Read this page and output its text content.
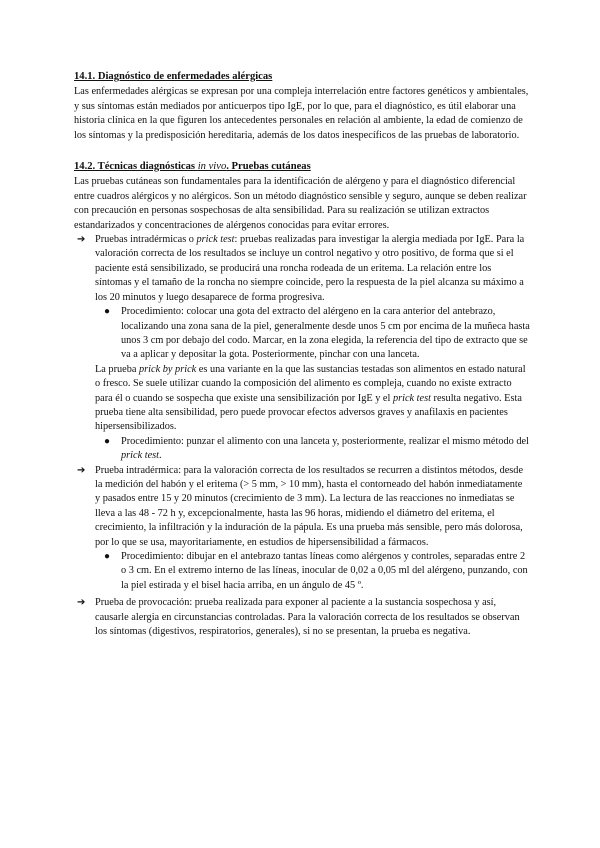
14.1. Diagnóstico de enfermedades alérgicas

Las enfermedades alérgicas se expresan por una compleja interrelación entre factores genéticos y ambientales, y sus síntomas están mediados por anticuerpos tipo IgE, por lo que, para el diagnóstico, es útil elaborar una historia clínica en la que figuren los antecedentes personales en relación al ambiente, la edad de comienzo de los síntomas y la predisposición hereditaria, además de los datos inespecíficos de las pruebas de laboratorio.

14.2. Técnicas diagnósticas in vivo. Pruebas cutáneas

Las pruebas cutáneas son fundamentales para la identificación de alérgeno y para el diagnóstico diferencial entre cuadros alérgicos y no alérgicos. Son un método diagnóstico sensible y seguro, aunque se deben realizar con precaución en personas sospechosas de alta sensibilidad. Para su realización se utilizan extractos estandarizados y concentraciones de alérgenos conocidas para evitar errores.

➔ Pruebas intradérmicas o prick test: pruebas realizadas para investigar la alergia mediada por IgE. Para la valoración correcta de los resultados se incluye un control negativo y otro positivo, de forma que si el paciente está sensibilizado, se producirá una roncha rodeada de un eritema. La relación entre los síntomas y el tamaño de la roncha no siempre coincide, pero la respuesta de la piel alcanza su máximo a los 20 minutos y luego desaparece de forma progresiva.
● Procedimiento: colocar una gota del extracto del alérgeno en la cara anterior del antebrazo, localizando una zona sana de la piel, generalmente desde unos 5 cm por encima de la muñeca hasta unos 3 cm por debajo del codo. Marcar, en la zona elegida, la referencia del tipo de extracto que se va a aplicar y depositar la gota. Posteriormente, pinchar con una lanceta.

La prueba prick by prick es una variante en la que las sustancias testadas son alimentos en estado natural o fresco. Se suele utilizar cuando la composición del alimento es compleja, cuando no existe extracto para él o cuando se sospecha que existe una sensibilización por IgE y el prick test resulta negativo. Esta prueba tiene alta sensibilidad, pero puede provocar efectos adversos graves y anafilaxis en pacientes hipersensibilizados.

● Procedimiento: punzar el alimento con una lanceta y, posteriormente, realizar el mismo método del prick test.
➔ Prueba intradérmica: para la valoración correcta de los resultados se recurren a distintos métodos, desde la medición del habón y el eritema (> 5 mm, > 10 mm), hasta el contorneado del habón inmediatamente y pasados entre 15 y 20 minutos (crecimiento de 3 mm). La lectura de las reacciones no inmediatas se lleva a las 48 - 72 h y, excepcionalmente, hasta las 96 horas, midiendo el diámetro del eritema, el crecimiento, la infiltración y la induración de la pápula. Es una prueba más sensible, pero más dolorosa, por lo que se usa, mayoritariamente, en estudios de hipersensibilidad a fármacos.
● Procedimiento: dibujar en el antebrazo tantas líneas como alérgenos y controles, separadas entre 2 o 3 cm. En el extremo interno de las líneas, inocular de 0,02 a 0,05 ml del alérgeno, punzando, con la piel estirada y el bisel hacia arriba, en un ángulo de 45 º.
➔ Prueba de provocación: prueba realizada para exponer al paciente a la sustancia sospechosa y así, causarle alergia en circunstancias controladas. Para la valoración correcta de los resultados se observan los síntomas (digestivos, respiratorios, generales), si no se presentan, la prueba es negativa.
